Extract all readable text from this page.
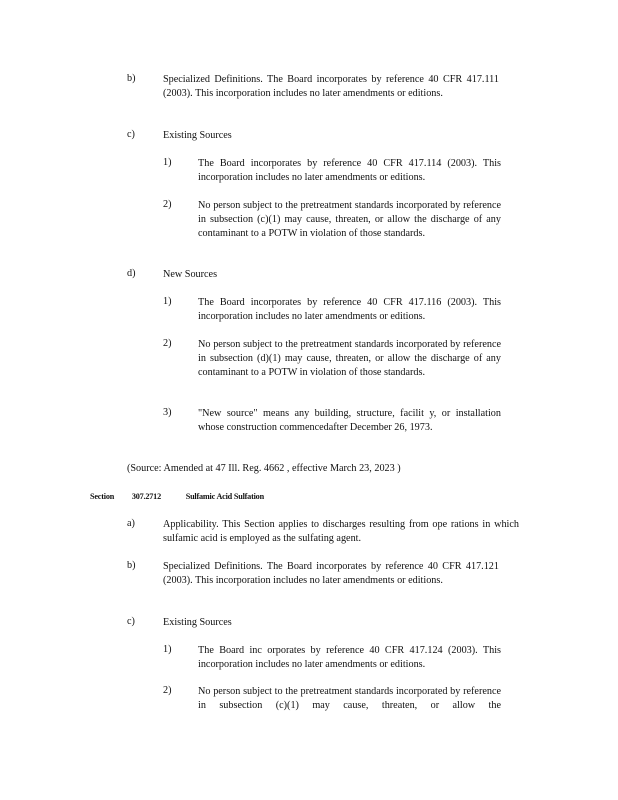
b)	Specialized Definitions. The Board incorporates by reference 40 CFR 417.111 (2003). This incorporation includes no later amendments or editions.
c)	Existing Sources
1)	The Board incorporates by reference 40 CFR 417.114 (2003). This incorporation includes no later amendments or editions.
2)	No person subject to the pretreatment standards incorporated by reference in subsection (c)(1) may cause, threaten, or allow the discharge of any contaminant to a POTW in violation of those standards.
d)	New Sources
1)	The Board incorporates by reference 40 CFR 417.116 (2003). This incorporation includes no later amendments or editions.
2)	No person subject to the pretreatment standards incorporated by reference in subsection (d)(1) may cause, threaten, or allow the discharge of any contaminant to a POTW in violation of those standards.
3)	"New source" means any building, structure, facilit y, or installation whose construction commencedafter December 26, 1973.
(Source: Amended at 47 Ill. Reg. 4662 , effective March 23, 2023 )
Section 307.2712	Sulfamic Acid Sulfation
a)	Applicability. This Section applies to discharges resulting from ope rations in which sulfamic acid is employed as the sulfating agent.
b)	Specialized Definitions. The Board incorporates by reference 40 CFR 417.121 (2003). This incorporation includes no later amendments or editions.
c)	Existing Sources
1)	The Board inc orporates by reference 40 CFR 417.124 (2003). This incorporation includes no later amendments or editions.
2)	No person subject to the pretreatment standards incorporated by reference in subsection (c)(1) may cause, threaten, or allow the
